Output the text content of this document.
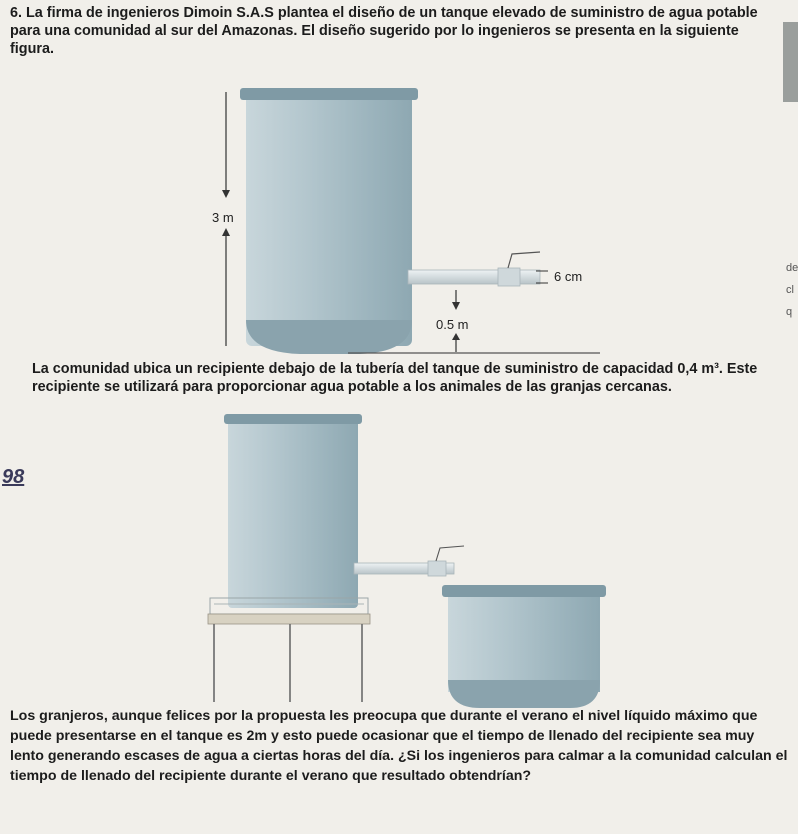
6. La firma de ingenieros Dimoin S.A.S plantea el diseño de un tanque elevado de suministro de agua potable para una comunidad al sur del Amazonas. El diseño sugerido por lo ingenieros se presenta en la siguiente figura.

6 cm
3 m
0.5 m
98

La comunidad ubica un recipiente debajo de la tubería del tanque de suministro de capacidad 0,4 m³. Este recipiente se utilizará para proporcionar agua potable a los animales de las granjas cercanas.

de
cl
q

Los granjeros, aunque felices por la propuesta les preocupa que durante el verano el nivel líquido máximo que puede presentarse en el tanque es 2m y esto puede ocasionar que el tiempo de llenado del recipiente sea muy lento generando escases de agua a ciertas horas del día. ¿Si los ingenieros para calmar a la comunidad calculan el tiempo de llenado del recipiente durante el verano que resultado obtendrían?
